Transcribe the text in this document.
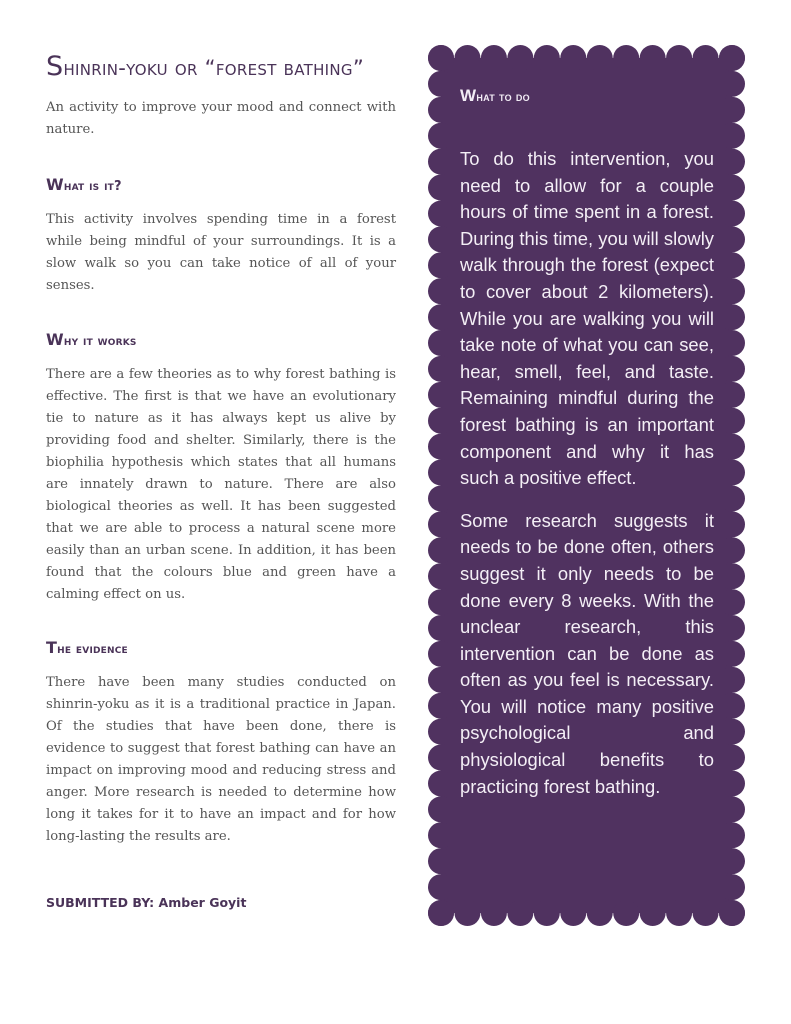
Shinrin-yoku or “forest bathing”

An activity to improve your mood and connect with nature.

What is it?

This activity involves spending time in a forest while being mindful of your surroundings. It is a slow walk so you can take notice of all of your senses.

Why it works

There are a few theories as to why forest bathing is effective. The first is that we have an evolutionary tie to nature as it has always kept us alive by providing food and shelter. Similarly, there is the biophilia hypothesis which states that all humans are innately drawn to nature. There are also biological theories as well. It has been suggested that we are able to process a natural scene more easily than an urban scene. In addition, it has been found that the colours blue and green have a calming effect on us.

The evidence

There have been many studies conducted on shinrin-yoku as it is a traditional practice in Japan. Of the studies that have been done, there is evidence to suggest that forest bathing can have an impact on improving mood and reducing stress and anger. More research is needed to determine how long it takes for it to have an impact and for how long-lasting the results are.

SUBMITTED BY: Amber Goyit
What to do

To do this intervention, you need to allow for a couple hours of time spent in a forest. During this time, you will slowly walk through the forest (expect to cover about 2 kilometers). While you are walking you will take note of what you can see, hear, smell, feel, and taste. Remaining mindful during the forest bathing is an important component and why it has such a positive effect.

Some research suggests it needs to be done often, others suggest it only needs to be done every 8 weeks. With the unclear research, this intervention can be done as often as you feel is necessary. You will notice many positive psychological and physiological benefits to practicing forest bathing.
